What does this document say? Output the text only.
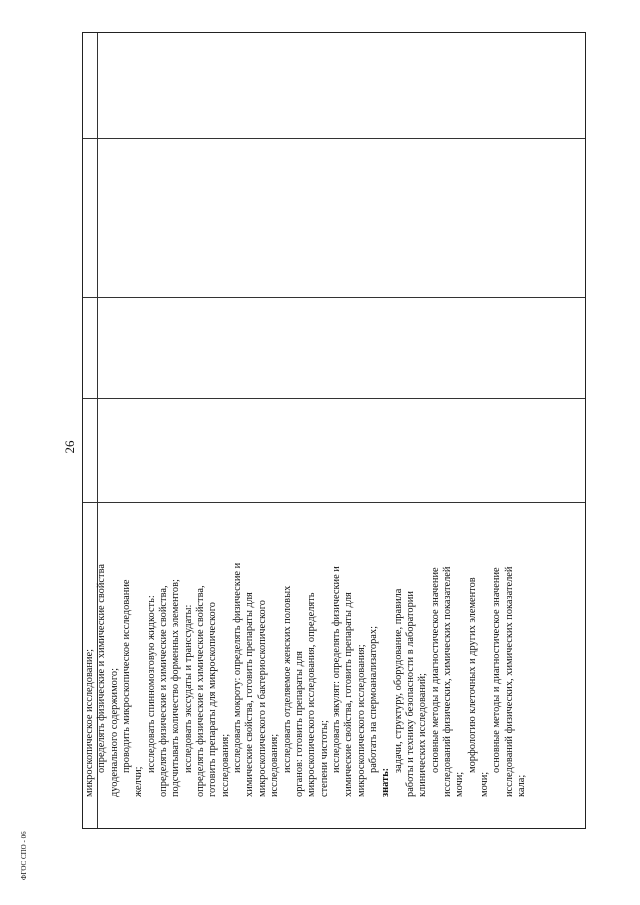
26
микроскопическое исследование; определять физические и химические свойства дуоденального содержимого; проводить микроскопическое исследование
желчи;
исследовать спинномозговую жидкость: определять физические и химические свойства, подсчитывать количество форменных элементов; исследовать экссудаты и транссудаты: определять физические и химические свойства, готовить препараты для микроскопического исследования; исследовать мокроту: определять физические и химические свойства, готовить препараты для микроскопического и бактериоскопического исследования; исследовать отделяемое женских половых органов: готовить препараты для микроскопического исследования, определять степени чистоты; исследовать эякулят: определять физические и химические свойства, готовить препараты для микроскопического исследования; работать на спермоанализаторах;
знать:
задачи, структуру, оборудование, правила работы и технику безопасности в лаборатории клинических исследований; основные методы и диагностическое значение исследований физических, химических показателей мочи;
морфологию клеточных и других элементов
мочи;
основные методы и диагностическое значение исследований физических, химических показателей кала;
ФГОС СПО - 06
